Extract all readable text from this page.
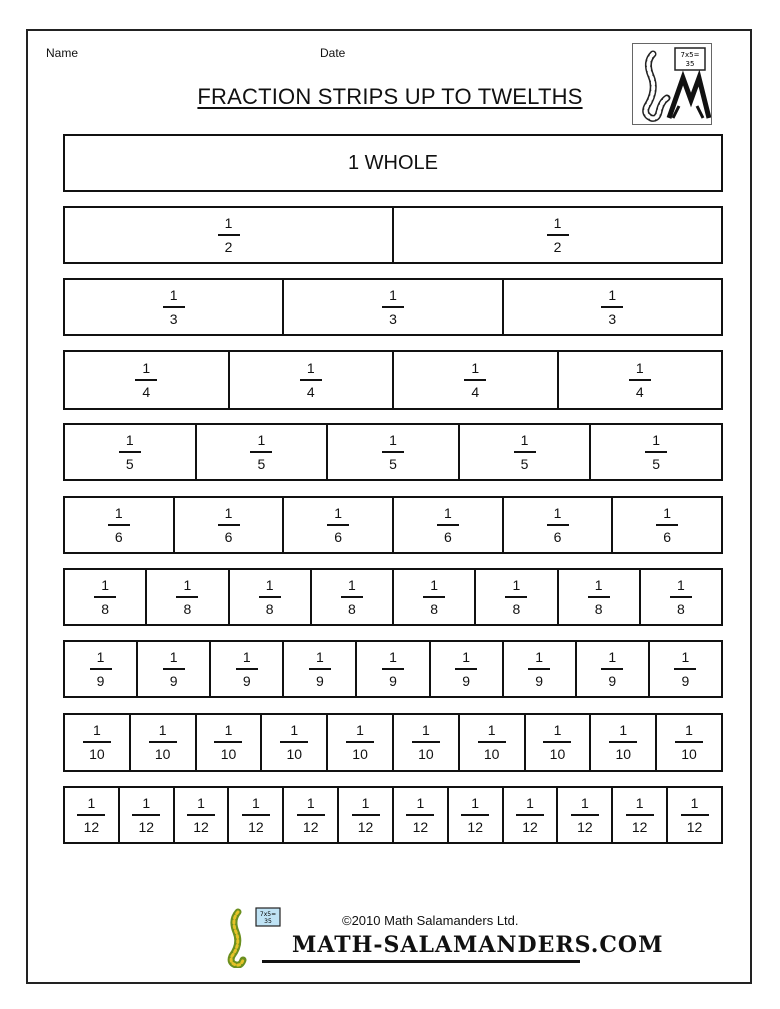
Name	Date	7x5=
35
FRACTION STRIPS UP TO TWELTHS
1 WHOLE
$\frac{1}{2}$	$\frac{1}{2}$
$\frac{1}{3}$	$\frac{1}{3}$	$\frac{1}{3}$
$\frac{1}{4}$	$\frac{1}{4}$	$\frac{1}{4}$	$\frac{1}{4}$
$\frac{1}{5}$	$\frac{1}{5}$	$\frac{1}{5}$	$\frac{1}{5}$	$\frac{1}{5}$
$\frac{1}{6}$	$\frac{1}{6}$	$\frac{1}{6}$	$\frac{1}{6}$	$\frac{1}{6}$	$\frac{1}{6}$
$\frac{1}{8}$	$\frac{1}{8}$	$\frac{1}{8}$	$\frac{1}{8}$	$\frac{1}{8}$	$\frac{1}{8}$	$\frac{1}{8}$	$\frac{1}{8}$
$\frac{1}{9}$	$\frac{1}{9}$	$\frac{1}{9}$	$\frac{1}{9}$	$\frac{1}{9}$	$\frac{1}{9}$	$\frac{1}{9}$	$\frac{1}{9}$	$\frac{1}{9}$
$\frac{1}{10}$	$\frac{1}{10}$	$\frac{1}{10}$	$\frac{1}{10}$	$\frac{1}{10}$	$\frac{1}{10}$	$\frac{1}{10}$	$\frac{1}{10}$	$\frac{1}{10}$	$\frac{1}{10}$
$\frac{1}{12} \frac{1}{12} \frac{1}{12} \frac{1}{12} \frac{1}{12} \frac{1}{12} \frac{1}{12} \frac{1}{12} \frac{1}{12} \frac{1}{12} \frac{1}{12} \frac{1}{12}$
7x5=
35	©2010 Math Salamanders Ltd.
MATH-SALAMANDERS.COM
